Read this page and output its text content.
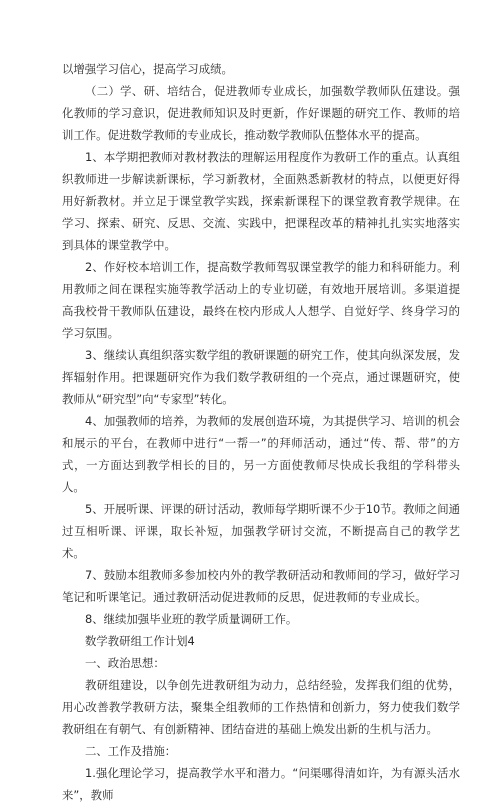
以增强学习信心，提高学习成绩。

（二）学、研、培结合，促进教师专业成长，加强数学教师队伍建设。强化教师的学习意识，促进教师知识及时更新，作好课题的研究工作、教师的培训工作。促进数学教师的专业成长，推动数学教师队伍整体水平的提高。

1、本学期把教师对教材教法的理解运用程度作为教研工作的重点。认真组织教师进一步解读新课标，学习新教材，全面熟悉新教材的特点，以便更好得用好新教材。并立足于课堂教学实践，探索新课程下的课堂教育教学规律。在学习、探索、研究、反思、交流、实践中，把课程改革的精神扎扎实实地落实到具体的课堂教学中。

2、作好校本培训工作，提高数学教师驾驭课堂教学的能力和科研能力。利用教师之间在课程实施等教学活动上的专业切磋，有效地开展培训。多渠道提高我校骨干教师队伍建设，最终在校内形成人人想学、自觉好学、终身学习的学习氛围。

3、继续认真组织落实数学组的教研课题的研究工作，使其向纵深发展，发挥辐射作用。把课题研究作为我们数学教研组的一个亮点，通过课题研究，使教师从“研究型”向“专家型”转化。

4、加强教师的培养，为教师的发展创造环境，为其提供学习、培训的机会和展示的平台，在教师中进行“一帮一”的拜师活动，通过“传、帮、带”的方式，一方面达到教学相长的目的，另一方面使教师尽快成长我组的学科带头人。

5、开展听课、评课的研讨活动，教师每学期听课不少于10节。教师之间通过互相听课、评课，取长补短，加强教学研讨交流，不断提高自己的教学艺术。

7、鼓励本组教师多参加校内外的教学教研活动和教师间的学习，做好学习笔记和听课笔记。通过教研活动促进教师的反思，促进教师的专业成长。

8、继续加强毕业班的教学质量调研工作。

数学教研组工作计划4

一、政治思想：

教研组建设，以争创先进教研组为动力，总结经验，发挥我们组的优势，用心改善教学教研方法，聚集全组教师的工作热情和创新力，努力使我们数学教研组在有朝气、有创新精神、团结奋进的基础上焕发出新的生机与活力。

二、工作及措施：

1.强化理论学习，提高教学水平和潜力。“问渠哪得清如许，为有源头活水来”，教师
